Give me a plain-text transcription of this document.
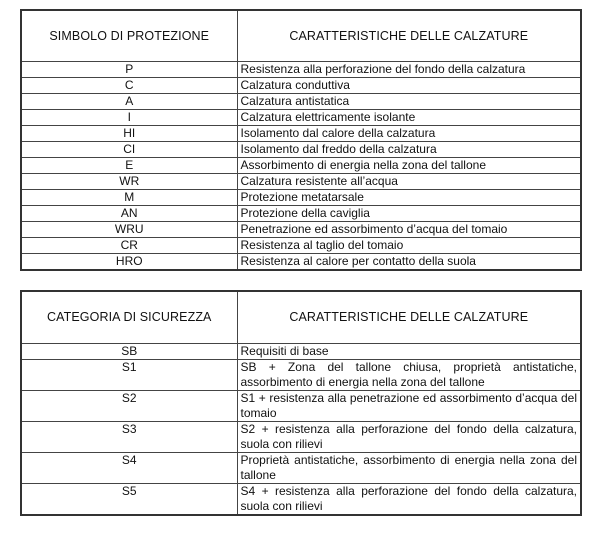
SIMBOLO DI PROTEZIONE	CARATTERISTICHE DELLE CALZATURE
P	Resistenza alla perforazione del fondo della calzatura
C	Calzatura conduttiva
A	Calzatura antistatica
I	Calzatura elettricamente isolante
HI	Isolamento dal calore della calzatura
CI	Isolamento dal freddo della calzatura
E	Assorbimento di energia nella zona del tallone
WR	Calzatura resistente all’acqua
M	Protezione metatarsale
AN	Protezione della caviglia
WRU	Penetrazione ed assorbimento d’acqua del tomaio
CR	Resistenza al taglio del tomaio
HRO	Resistenza al calore per contatto della suola
CATEGORIA DI SICUREZZA	CARATTERISTICHE DELLE CALZATURE
SB	Requisiti di base
S1	SB + Zona del tallone chiusa, proprietà antistatiche, assorbimento di energia nella zona del tallone
S2	S1 + resistenza alla penetrazione ed assorbimento d’acqua del tomaio
S3	S2 + resistenza alla perforazione del fondo della calzatura, suola con rilievi
S4	Proprietà antistatiche, assorbimento di energia nella zona del tallone
S5	S4 + resistenza alla perforazione del fondo della calzatura, suola con rilievi
